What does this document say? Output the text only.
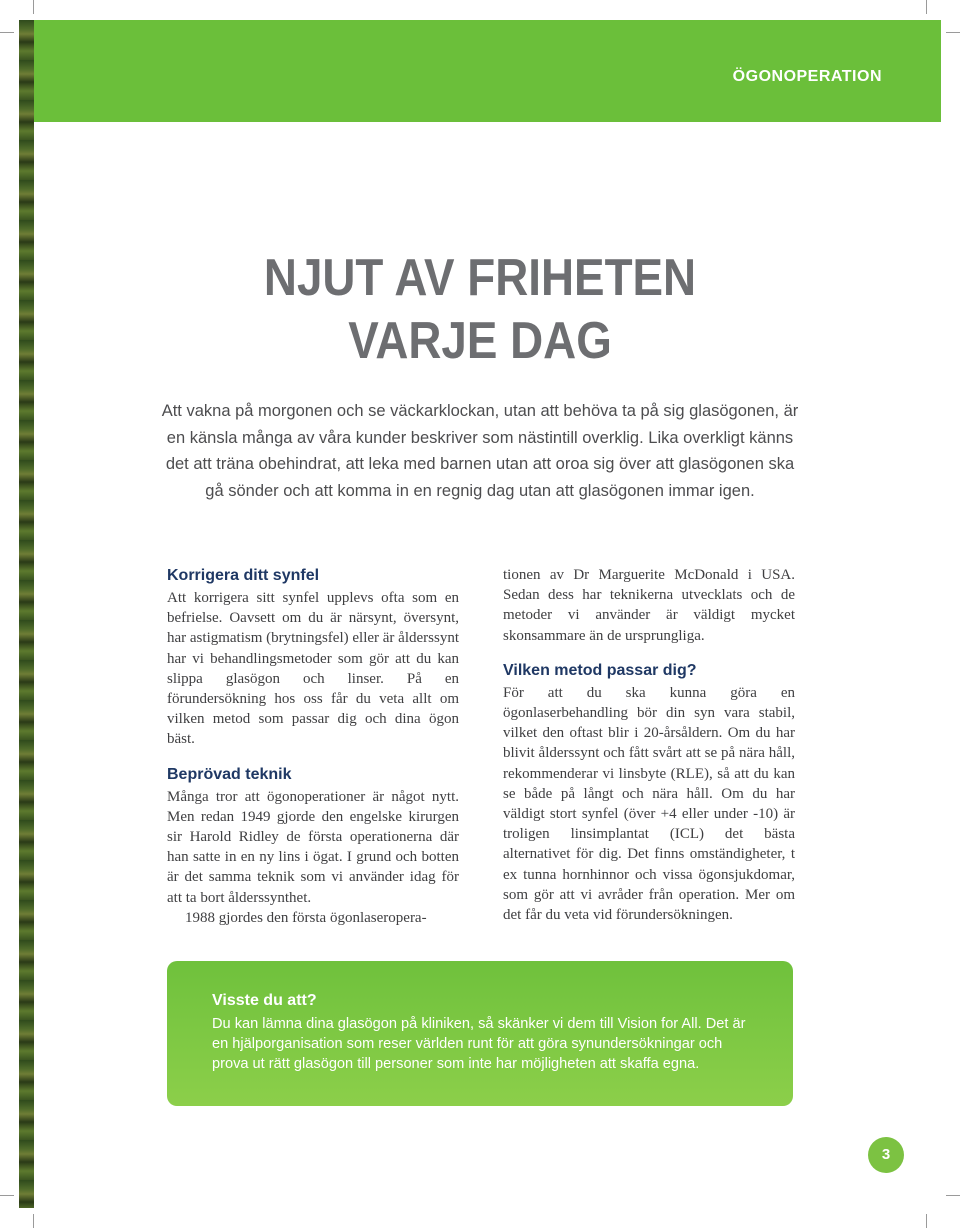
ÖGONOPERATION
NJUT AV FRIHETEN
VARJE DAG
Att vakna på morgonen och se väckarklockan, utan att behöva ta på sig glasögonen, är en känsla många av våra kunder beskriver som nästintill overklig. Lika overkligt känns det att träna obehindrat, att leka med barnen utan att oroa sig över att glasögonen ska gå sönder och att komma in en regnig dag utan att glasögonen immar igen.
Korrigera ditt synfel

Att korrigera sitt synfel upplevs ofta som en befrielse. Oavsett om du är närsynt, översynt, har astigmatism (brytningsfel) eller är ålderssynt har vi behandlingsmetoder som gör att du kan slippa glasögon och linser. På en förundersökning hos oss får du veta allt om vilken metod som passar dig och dina ögon bäst.

Beprövad teknik

Många tror att ögonoperationer är något nytt. Men redan 1949 gjorde den engelske kirurgen sir Harold Ridley de första operationerna där han satte in en ny lins i ögat. I grund och botten är det samma teknik som vi använder idag för att ta bort ålderssynthet.

1988 gjordes den första ögonlaseropera-

tionen av Dr Marguerite McDonald i USA. Sedan dess har teknikerna utvecklats och de metoder vi använder är väldigt mycket skonsammare än de ursprungliga.

Vilken metod passar dig?

För att du ska kunna göra en ögonlaserbehandling bör din syn vara stabil, vilket den oftast blir i 20-årsåldern. Om du har blivit ålderssynt och fått svårt att se på nära håll, rekommenderar vi linsbyte (RLE), så att du kan se både på långt och nära håll. Om du har väldigt stort synfel (över +4 eller under -10) är troligen linsimplantat (ICL) det bästa alternativet för dig. Det finns omständigheter, t ex tunna hornhinnor och vissa ögonsjukdomar, som gör att vi avråder från operation. Mer om det får du veta vid förundersökningen.

Visste du att?
Du kan lämna dina glasögon på kliniken, så skänker vi dem till Vision for All. Det är en hjälporganisation som reser världen runt för att göra synundersökningar och prova ut rätt glasögon till personer som inte har möjligheten att skaffa egna.
3
